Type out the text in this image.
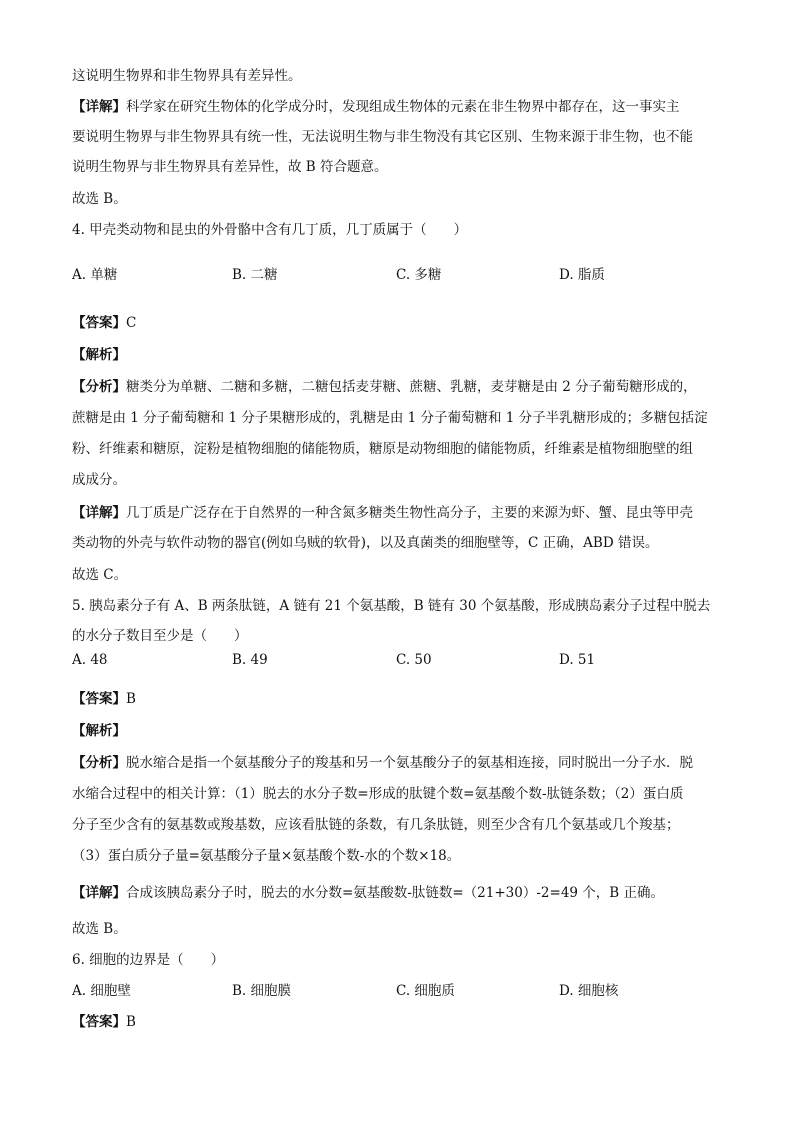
这说明生物界和非生物界具有差异性。
【详解】科学家在研究生物体的化学成分时，发现组成生物体的元素在非生物界中都存在，这一事实主
要说明生物界与非生物界具有统一性，无法说明生物与非生物没有其它区别、生物来源于非生物，也不能
说明生物界与非生物界具有差异性，故 B 符合题意。
故选 B。
4. 甲壳类动物和昆虫的外骨骼中含有几丁质，几丁质属于（　　）
【答案】C
【解析】
【分析】糖类分为单糖、二糖和多糖，二糖包括麦芽糖、蔗糖、乳糖，麦芽糖是由 2 分子葡萄糖形成的，
蔗糖是由 1 分子葡萄糖和 1 分子果糖形成的，乳糖是由 1 分子葡萄糖和 1 分子半乳糖形成的；多糖包括淀
粉、纤维素和糖原，淀粉是植物细胞的储能物质，糖原是动物细胞的储能物质，纤维素是植物细胞壁的组
成成分。
【详解】几丁质是广泛存在于自然界的一种含氮多糖类生物性高分子，主要的来源为虾、蟹、昆虫等甲壳
类动物的外壳与软件动物的器官(例如乌贼的软骨)，以及真菌类的细胞壁等，C 正确，ABD 错误。
故选 C。
5. 胰岛素分子有 A、B 两条肽链，A 链有 21 个氨基酸，B 链有 30 个氨基酸，形成胰岛素分子过程中脱去
的水分子数目至少是（　　）
【答案】B
【解析】
【分析】脱水缩合是指一个氨基酸分子的羧基和另一个氨基酸分子的氨基相连接，同时脱出一分子水．脱
水缩合过程中的相关计算：（1）脱去的水分子数=形成的肽键个数=氨基酸个数-肽链条数；（2）蛋白质
分子至少含有的氨基数或羧基数，应该看肽链的条数，有几条肽链，则至少含有几个氨基或几个羧基；
（3）蛋白质分子量=氨基酸分子量×氨基酸个数-水的个数×18。
【详解】合成该胰岛素分子时，脱去的水分数=氨基酸数-肽链数=（21+30）-2=49 个，B 正确。
故选 B。
6. 细胞的边界是（　　）
【答案】B
A. 单糖	B. 二糖	C. 多糖	D. 脂质
A. 48	B. 49	C. 50	D. 51
A. 细胞壁	B. 细胞膜	C. 细胞质	D. 细胞核
